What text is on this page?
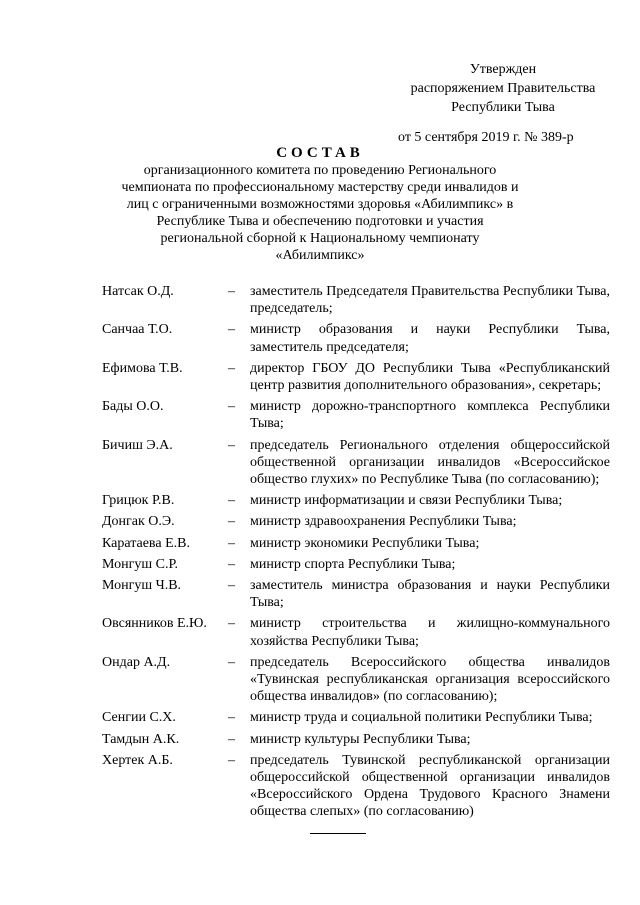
Утвержден
распоряжением Правительства
Республики Тыва
от 5 сентября 2019 г. № 389-р
СОСТАВ
организационного комитета по проведению Регионального чемпионата по профессиональному мастерству среди инвалидов и лиц с ограниченными возможностями здоровья «Абилимпикс» в Республике Тыва и обеспечению подготовки и участия региональной сборной к Национальному чемпионату «Абилимпикс»
Натсак О.Д.	–	заместитель Председателя Правительства Республики Тыва, председатель;
Санчаа Т.О.	–	министр образования и науки Республики Тыва, заместитель председателя;
Ефимова Т.В.	–	директор ГБОУ ДО Республики Тыва «Республиканский центр развития дополнительного образования», секретарь;
Бады О.О.	–	министр дорожно-транспортного комплекса Республики Тыва;
Бичиш Э.А.	–	председатель Регионального отделения общероссийской общественной организации инвалидов «Всероссийское общество глухих» по Республике Тыва (по согласованию);
Грицюк Р.В.	–	министр информатизации и связи Республики Тыва;
Донгак О.Э.	–	министр здравоохранения Республики Тыва;
Каратаева Е.В.	–	министр экономики Республики Тыва;
Монгуш С.Р.	–	министр спорта Республики Тыва;
Монгуш Ч.В.	–	заместитель министра образования и науки Республики Тыва;
Овсянников Е.Ю.	–	министр строительства и жилищно-коммунального хозяйства Республики Тыва;
Ондар А.Д.	–	председатель Всероссийского общества инвалидов «Тувинская республиканская организация всероссийского общества инвалидов» (по согласованию);
Сенгии С.Х.	–	министр труда и социальной политики Республики Тыва;
Тамдын А.К.	–	министр культуры Республики Тыва;
Хертек А.Б.	–	председатель Тувинской республиканской организации общероссийской общественной организации инвалидов «Всероссийского Ордена Трудового Красного Знамени общества слепых» (по согласованию)
